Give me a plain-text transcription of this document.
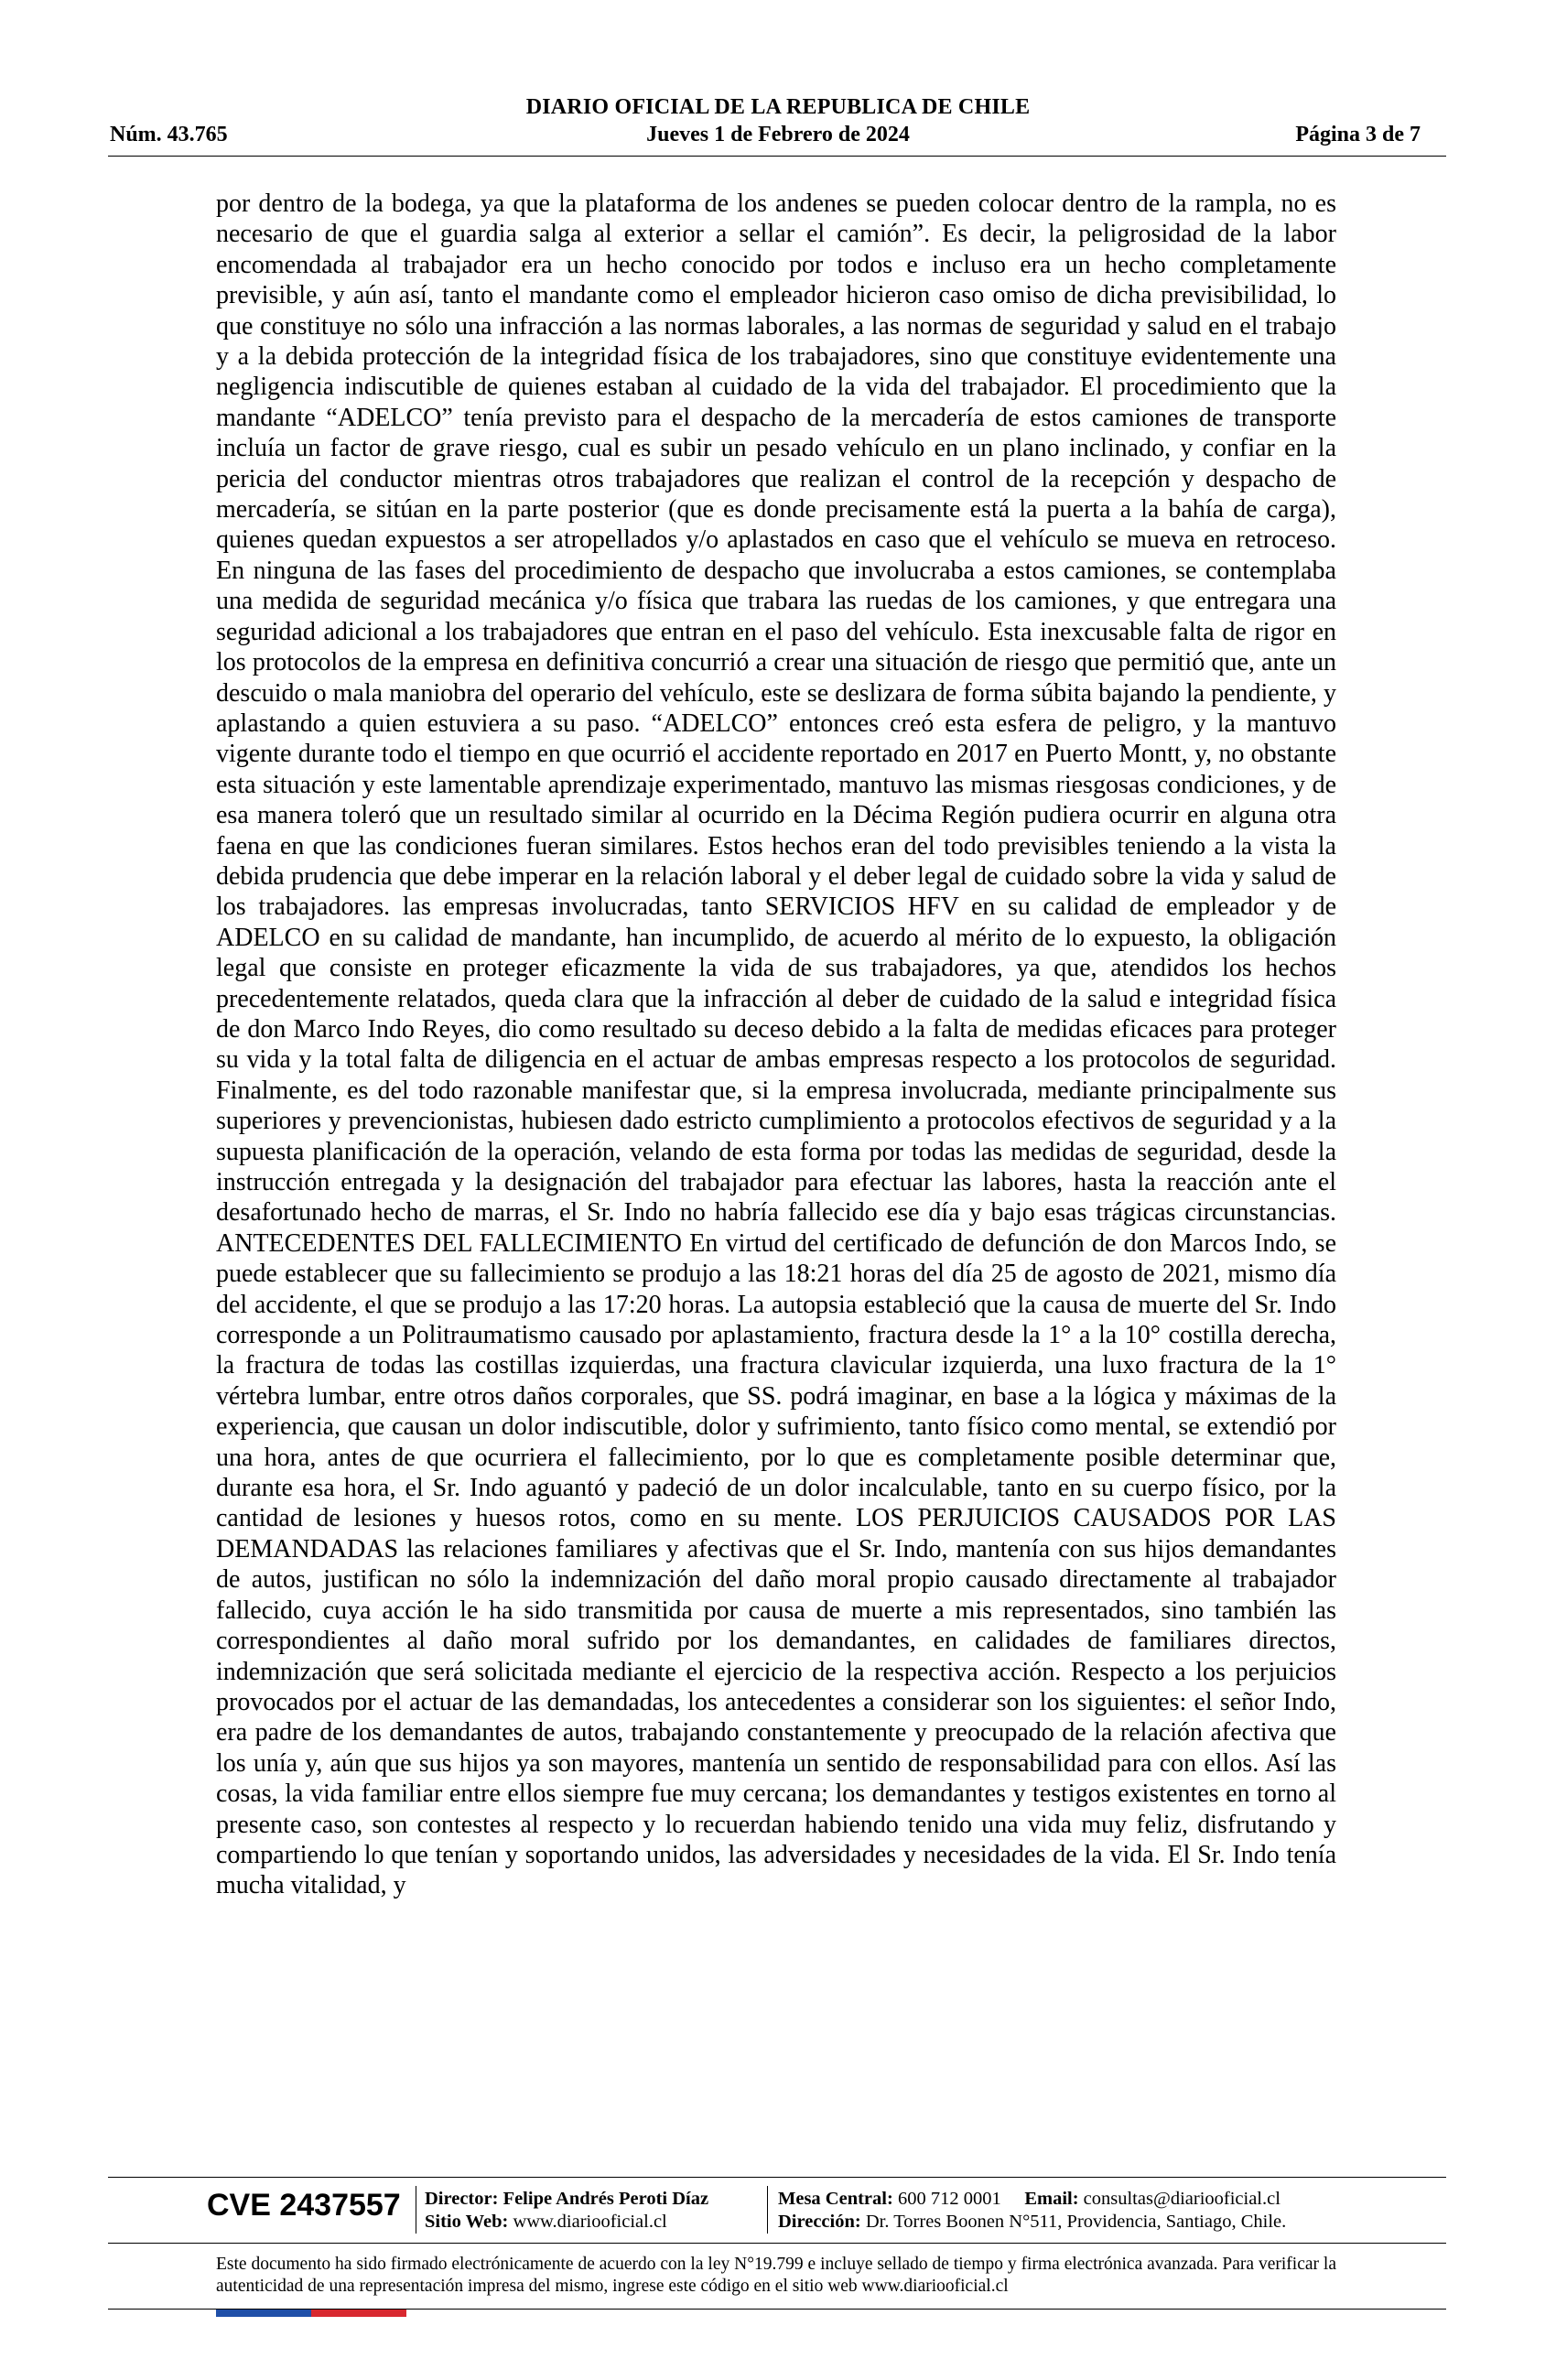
DIARIO OFICIAL DE LA REPUBLICA DE CHILE
Núm. 43.765	Jueves 1 de Febrero de 2024	Página 3 de 7

por dentro de la bodega, ya que la plataforma de los andenes se pueden colocar dentro de la rampla, no es necesario de que el guardia salga al exterior a sellar el camión”. Es decir, la peligrosidad de la labor encomendada al trabajador era un hecho conocido por todos e incluso era un hecho completamente previsible, y aún así, tanto el mandante como el empleador hicieron caso omiso de dicha previsibilidad, lo que constituye no sólo una infracción a las normas laborales, a las normas de seguridad y salud en el trabajo y a la debida protección de la integridad física de los trabajadores, sino que constituye evidentemente una negligencia indiscutible de quienes estaban al cuidado de la vida del trabajador. El procedimiento que la mandante “ADELCO” tenía previsto para el despacho de la mercadería de estos camiones de transporte incluía un factor de grave riesgo, cual es subir un pesado vehículo en un plano inclinado, y confiar en la pericia del conductor mientras otros trabajadores que realizan el control de la recepción y despacho de mercadería, se sitúan en la parte posterior (que es donde precisamente está la puerta a la bahía de carga), quienes quedan expuestos a ser atropellados y/o aplastados en caso que el vehículo se mueva en retroceso. En ninguna de las fases del procedimiento de despacho que involucraba a estos camiones, se contemplaba una medida de seguridad mecánica y/o física que trabara las ruedas de los camiones, y que entregara una seguridad adicional a los trabajadores que entran en el paso del vehículo. Esta inexcusable falta de rigor en los protocolos de la empresa en definitiva concurrió a crear una situación de riesgo que permitió que, ante un descuido o mala maniobra del operario del vehículo, este se deslizara de forma súbita bajando la pendiente, y aplastando a quien estuviera a su paso. “ADELCO” entonces creó esta esfera de peligro, y la mantuvo vigente durante todo el tiempo en que ocurrió el accidente reportado en 2017 en Puerto Montt, y, no obstante esta situación y este lamentable aprendizaje experimentado, mantuvo las mismas riesgosas condiciones, y de esa manera toleró que un resultado similar al ocurrido en la Décima Región pudiera ocurrir en alguna otra faena en que las condiciones fueran similares. Estos hechos eran del todo previsibles teniendo a la vista la debida prudencia que debe imperar en la relación laboral y el deber legal de cuidado sobre la vida y salud de los trabajadores. las empresas involucradas, tanto SERVICIOS HFV en su calidad de empleador y de ADELCO en su calidad de mandante, han incumplido, de acuerdo al mérito de lo expuesto, la obligación legal que consiste en proteger eficazmente la vida de sus trabajadores, ya que, atendidos los hechos precedentemente relatados, queda clara que la infracción al deber de cuidado de la salud e integridad física de don Marco Indo Reyes, dio como resultado su deceso debido a la falta de medidas eficaces para proteger su vida y la total falta de diligencia en el actuar de ambas empresas respecto a los protocolos de seguridad. Finalmente, es del todo razonable manifestar que, si la empresa involucrada, mediante principalmente sus superiores y prevencionistas, hubiesen dado estricto cumplimiento a protocolos efectivos de seguridad y a la supuesta planificación de la operación, velando de esta forma por todas las medidas de seguridad, desde la instrucción entregada y la designación del trabajador para efectuar las labores, hasta la reacción ante el desafortunado hecho de marras, el Sr. Indo no habría fallecido ese día y bajo esas trágicas circunstancias. ANTECEDENTES DEL FALLECIMIENTO En virtud del certificado de defunción de don Marcos Indo, se puede establecer que su fallecimiento se produjo a las 18:21 horas del día 25 de agosto de 2021, mismo día del accidente, el que se produjo a las 17:20 horas. La autopsia estableció que la causa de muerte del Sr. Indo corresponde a un Politraumatismo causado por aplastamiento, fractura desde la 1° a la 10° costilla derecha, la fractura de todas las costillas izquierdas, una fractura clavicular izquierda, una luxo fractura de la 1° vértebra lumbar, entre otros daños corporales, que SS. podrá imaginar, en base a la lógica y máximas de la experiencia, que causan un dolor indiscutible, dolor y sufrimiento, tanto físico como mental, se extendió por una hora, antes de que ocurriera el fallecimiento, por lo que es completamente posible determinar que, durante esa hora, el Sr. Indo aguantó y padeció de un dolor incalculable, tanto en su cuerpo físico, por la cantidad de lesiones y huesos rotos, como en su mente. LOS PERJUICIOS CAUSADOS POR LAS DEMANDADAS las relaciones familiares y afectivas que el Sr. Indo, mantenía con sus hijos demandantes de autos, justifican no sólo la indemnización del daño moral propio causado directamente al trabajador fallecido, cuya acción le ha sido transmitida por causa de muerte a mis representados, sino también las correspondientes al daño moral sufrido por los demandantes, en calidades de familiares directos, indemnización que será solicitada mediante el ejercicio de la respectiva acción. Respecto a los perjuicios provocados por el actuar de las demandadas, los antecedentes a considerar son los siguientes: el señor Indo, era padre de los demandantes de autos, trabajando constantemente y preocupado de la relación afectiva que los unía y, aún que sus hijos ya son mayores, mantenía un sentido de responsabilidad para con ellos. Así las cosas, la vida familiar entre ellos siempre fue muy cercana; los demandantes y testigos existentes en torno al presente caso, son contestes al respecto y lo recuerdan habiendo tenido una vida muy feliz, disfrutando y compartiendo lo que tenían y soportando unidos, las adversidades y necesidades de la vida. El Sr. Indo tenía mucha vitalidad, y

CVE 2437557 Director: Felipe Andrés Peroti Díaz
Sitio Web: www.diariooficial.cl
Mesa Central: 600 712 0001 Email: consultas@diariooficial.cl
Dirección: Dr. Torres Boonen N°511, Providencia, Santiago, Chile.

Este documento ha sido firmado electrónicamente de acuerdo con la ley N°19.799 e incluye sellado de tiempo y firma electrónica avanzada. Para verificar la autenticidad de una representación impresa del mismo, ingrese este código en el sitio web www.diariooficial.cl
